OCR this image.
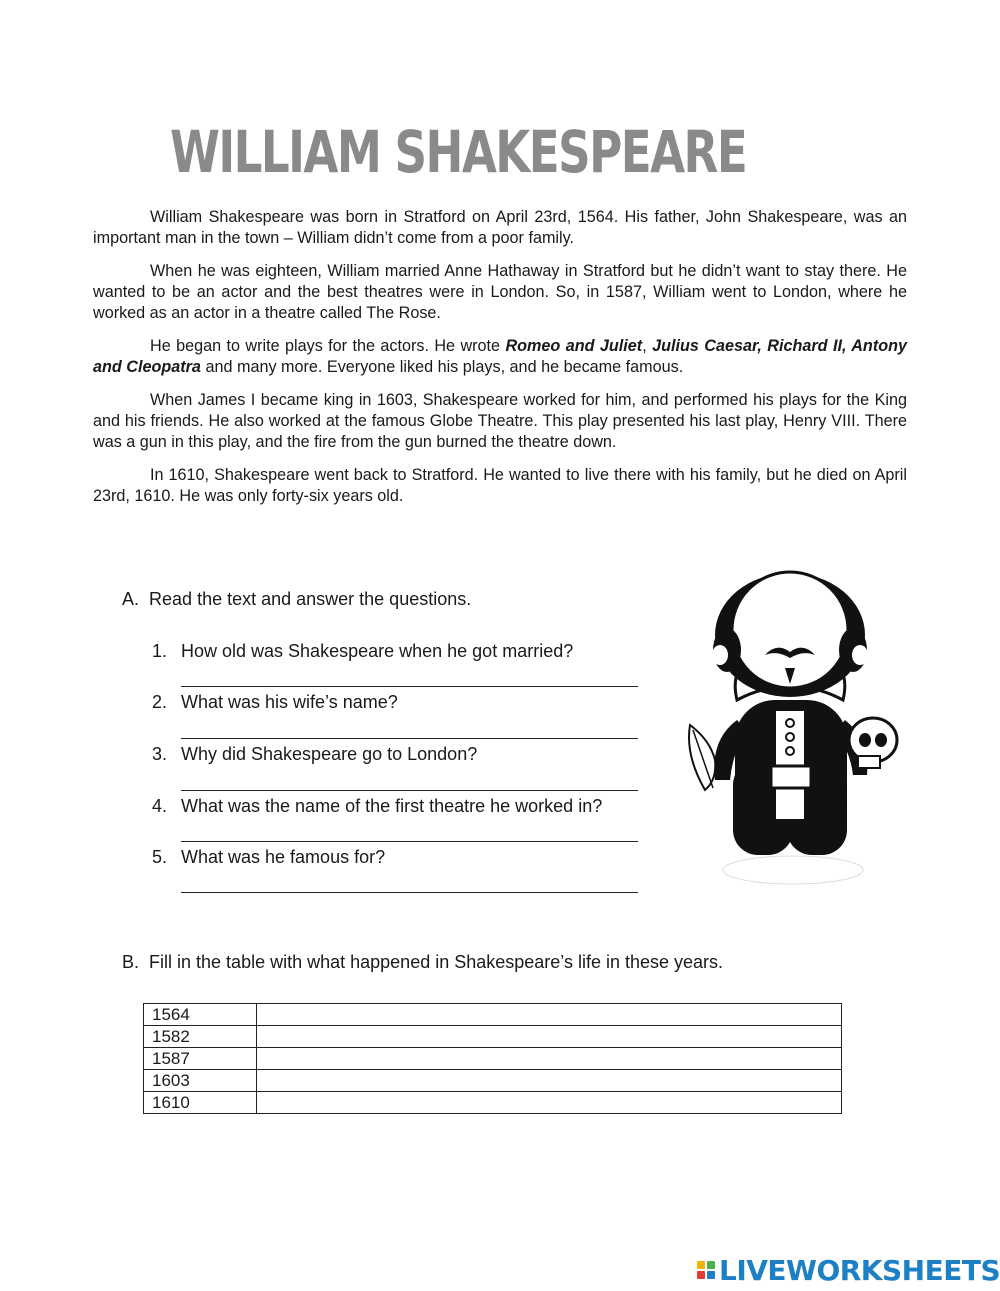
WILLIAM SHAKESPEARE

William Shakespeare was born in Stratford on April 23rd, 1564. His father, John Shakespeare, was an important man in the town – William didn’t come from a poor family.

When he was eighteen, William married Anne Hathaway in Stratford but he didn’t want to stay there. He wanted to be an actor and the best theatres were in London. So, in 1587, William went to London, where he worked as an actor in a theatre called The Rose.

He began to write plays for the actors. He wrote Romeo and Juliet, Julius Caesar, Richard II, Antony and Cleopatra and many more. Everyone liked his plays, and he became famous.

When James I became king in 1603, Shakespeare worked for him, and performed his plays for the King and his friends. He also worked at the famous Globe Theatre. This play presented his last play, Henry VIII. There was a gun in this play, and the fire from the gun burned the theatre down.

In 1610, Shakespeare went back to Stratford. He wanted to live there with his family, but he died on April 23rd, 1610. He was only forty-six years old.

A. Read the text and answer the questions.
1. How old was Shakespeare when he got married?
2. What was his wife’s name?
3. Why did Shakespeare go to London?
4. What was the name of the first theatre he worked in?
5. What was he famous for?
B. Fill in the table with what happened in Shakespeare’s life in these years.
1564	
1582	
1587	
1603	
1610	
LIVEWORKSHEETS
